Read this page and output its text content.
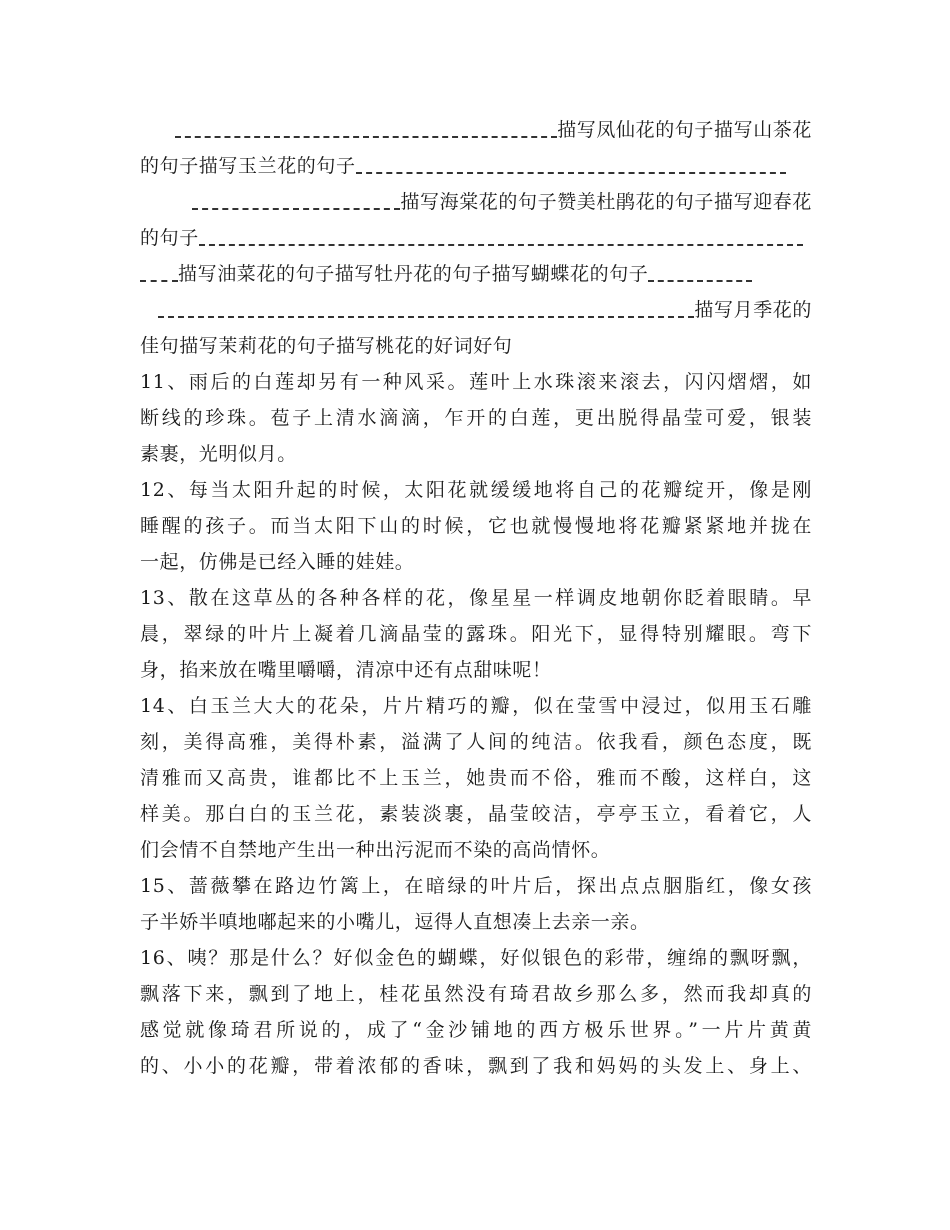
描写凤仙花的句子描写山茶花
的句子描写玉兰花的句子
描写海棠花的句子赞美杜鹃花的句子描写迎春花
的句子
描写油菜花的句子描写牡丹花的句子描写蝴蝶花的句子
描写月季花的
佳句描写茉莉花的句子描写桃花的好词好句
11、雨后的白莲却另有一种风采。莲叶上水珠滚来滚去，闪闪熠熠，如
断线的珍珠。苞子上清水滴滴，乍开的白莲，更出脱得晶莹可爱，银装
素裹，光明似月。
12、每当太阳升起的时候，太阳花就缓缓地将自己的花瓣绽开，像是刚
睡醒的孩子。而当太阳下山的时候，它也就慢慢地将花瓣紧紧地并拢在
一起，仿佛是已经入睡的娃娃。
13、散在这草丛的各种各样的花，像星星一样调皮地朝你眨着眼睛。早
晨，翠绿的叶片上凝着几滴晶莹的露珠。阳光下，显得特别耀眼。弯下
身，掐来放在嘴里嚼嚼，清凉中还有点甜味呢！
14、白玉兰大大的花朵，片片精巧的瓣，似在莹雪中浸过，似用玉石雕
刻，美得高雅，美得朴素，溢满了人间的纯洁。依我看，颜色态度，既
清雅而又高贵，谁都比不上玉兰，她贵而不俗，雅而不酸，这样白，这
样美。那白白的玉兰花，素装淡裹，晶莹皎洁，亭亭玉立，看着它，人
们会情不自禁地产生出一种出污泥而不染的高尚情怀。
15、蔷薇攀在路边竹篱上，在暗绿的叶片后，探出点点胭脂红，像女孩
子半娇半嗔地嘟起来的小嘴儿，逗得人直想凑上去亲一亲。
16、咦？那是什么？好似金色的蝴蝶，好似银色的彩带，缠绵的飘呀飘，
飘落下来，飘到了地上，桂花虽然没有琦君故乡那么多，然而我却真的
感觉就像琦君所说的，成了“金沙铺地的西方极乐世界。”一片片黄黄
的、小小的花瓣，带着浓郁的香味，飘到了我和妈妈的头发上、身上、
